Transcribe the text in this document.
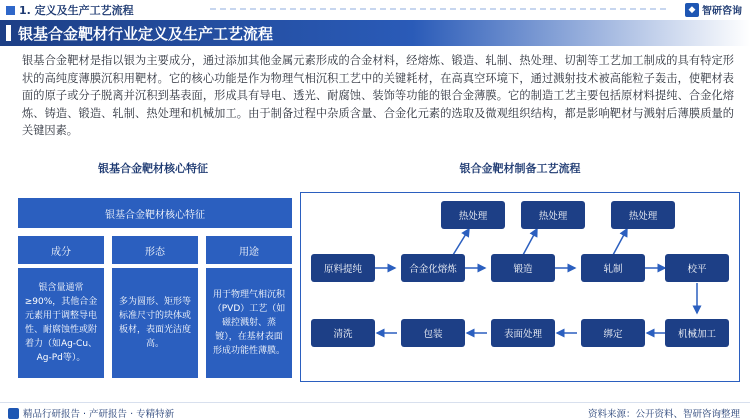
1. 定义及生产工艺流程	◆ 智研咨询
银基合金靶材行业定义及生产工艺流程

银基合金靶材是指以银为主要成分，通过添加其他金属元素形成的合金材料，经熔炼、锻造、轧制、热处理、切割等工艺加工制成的具有特定形状的高纯度薄膜沉积用靶材。它的核心功能是作为物理气相沉积工艺中的关键耗材，在高真空环境下，通过溅射技术被高能粒子轰击，使靶材表面的原子或分子脱离并沉积到基表面，形成具有导电、透光、耐腐蚀、装饰等功能的银合金薄膜。它的制造工艺主要包括原材料提纯、合金化熔炼、铸造、锻造、轧制、热处理和机械加工。由于制备过程中杂质含量、合金化元素的选取及微观组织结构，都是影响靶材与溅射后薄膜质量的关键因素。

银基合金靶材核心特征	银合金靶材制备工艺流程
银基合金靶材核心特征
成分	形态	用途
银含量通常≥90%，其他合金元素用于调整导电性、耐腐蚀性或附着力（如Ag-Cu、Ag-Pd等）。
多为圆形、矩形等标准尺寸的块体或板材，表面光洁度高。
用于物理气相沉积（PVD）工艺（如磁控溅射、蒸镀），在基材表面形成功能性薄膜。
热处理	热处理	热处理
原料提纯	合金化熔炼	锻造	轧制	校平
清洗	包装	表面处理	绑定	机械加工
精品行研报告 · 产研报告 · 专精特新	资料来源：公开资料、智研咨询整理
